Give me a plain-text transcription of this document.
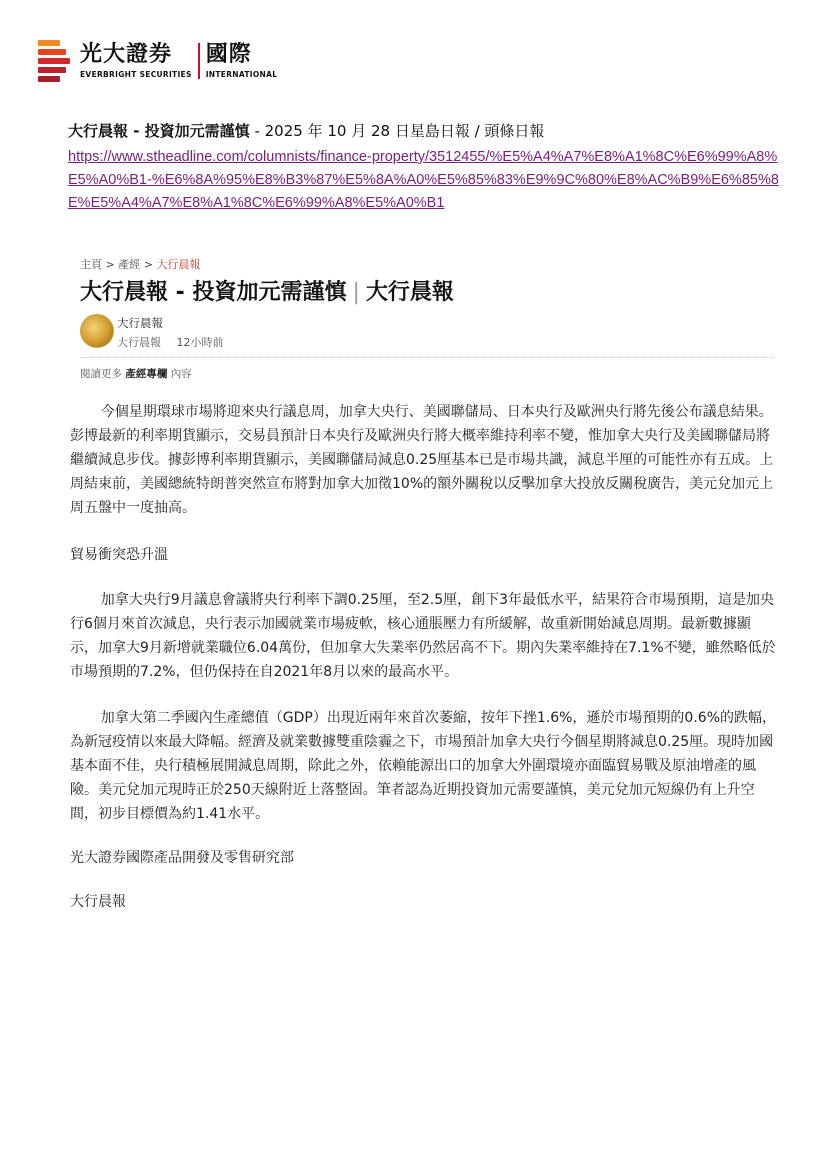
光大證券
EVERBRIGHT SECURITIES
國際
INTERNATIONAL
大行晨報 - 投資加元需謹慎 - 2025 年 10 月 28 日星島日報 / 頭條日報
https://www.stheadline.com/columnists/finance-property/3512455/%E5%A4%A7%E8%A1%8C%E6%99%A8%E5%A0%B1-%E6%8A%95%E8%B3%87%E5%8A%A0%E5%85%83%E9%9C%80%E8%AC%B9%E6%85%8E%E5%A4%A7%E8%A1%8C%E6%99%A8%E5%A0%B1
主頁 > 產經 > 大行晨報
大行晨報 - 投資加元需謹慎 | 大行晨報
大行晨報
大行晨報 12小時前
閱讀更多 產經專欄 內容

今個星期環球市場將迎來央行議息周，加拿大央行、美國聯儲局、日本央行及歐洲央行將先後公布議息結果。彭博最新的利率期貨顯示，交易員預計日本央行及歐洲央行將大概率維持利率不變，惟加拿大央行及美國聯儲局將繼續減息步伐。據彭博利率期貨顯示，美國聯儲局減息0.25厘基本已是市場共識，減息半厘的可能性亦有五成。上周結束前，美國總統特朗普突然宣布將對加拿大加徵10%的額外關稅以反擊加拿大投放反關稅廣告，美元兌加元上周五盤中一度抽高。

貿易衝突恐升溫

加拿大央行9月議息會議將央行利率下調0.25厘，至2.5厘，創下3年最低水平，結果符合市場預期，這是加央行6個月來首次減息，央行表示加國就業市場疲軟，核心通脹壓力有所緩解，故重新開始減息周期。最新數據顯示，加拿大9月新增就業職位6.04萬份，但加拿大失業率仍然居高不下。期內失業率維持在7.1%不變，雖然略低於市場預期的7.2%，但仍保持在自2021年8月以來的最高水平。

加拿大第二季國內生產總值（GDP）出現近兩年來首次萎縮，按年下挫1.6%，遜於市場預期的0.6%的跌幅，為新冠疫情以來最大降幅。經濟及就業數據雙重陰霾之下，市場預計加拿大央行今個星期將減息0.25厘。現時加國基本面不佳，央行積極展開減息周期，除此之外，依賴能源出口的加拿大外圍環境亦面臨貿易戰及原油增產的風險。美元兌加元現時正於250天線附近上落整固。筆者認為近期投資加元需要謹慎，美元兌加元短線仍有上升空間，初步目標價為約1.41水平。

光大證券國際產品開發及零售研究部
大行晨報
